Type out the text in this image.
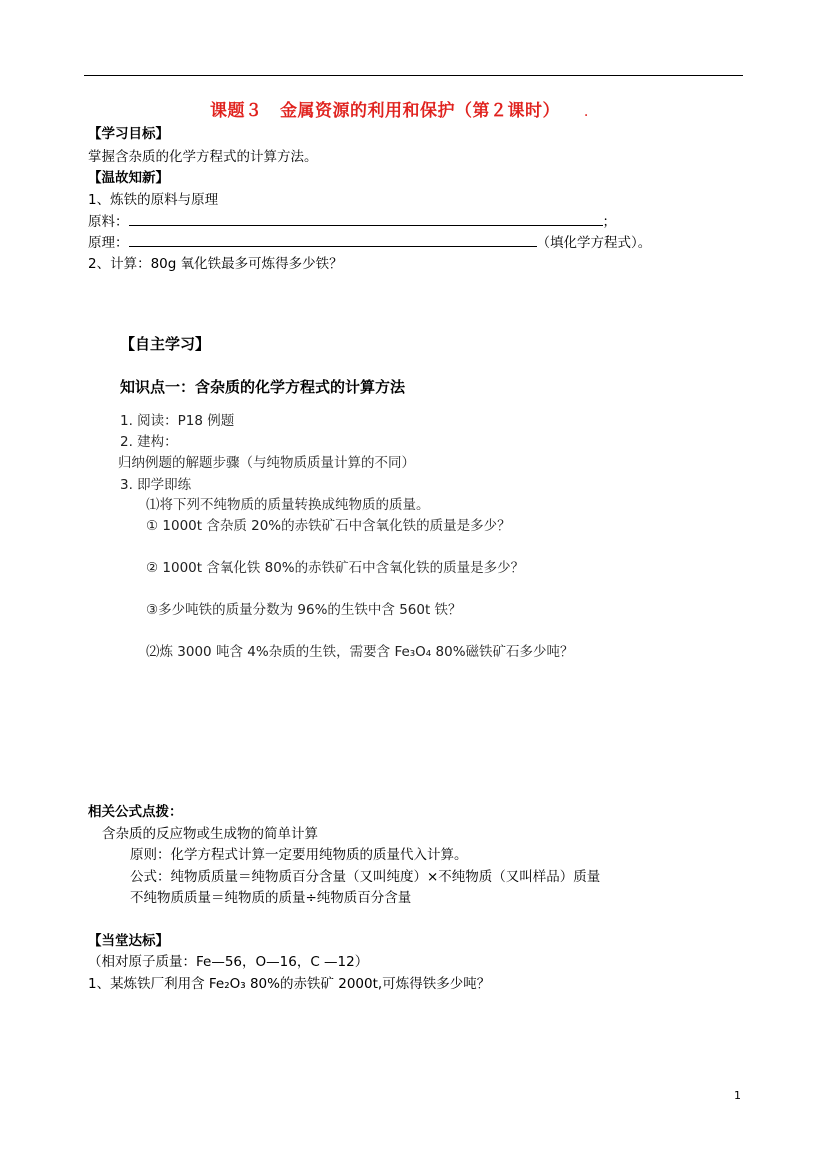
课题３　金属资源的利用和保护（第２课时） .
【学习目标】
掌握含杂质的化学方程式的计算方法。
【温故知新】
1、炼铁的原料与原理
原料：	；
原理：	（填化学方程式）。
2、计算：80g 氧化铁最多可炼得多少铁？
【自主学习】
知识点一：含杂质的化学方程式的计算方法
1. 阅读：P18 例题
2. 建构：
归纳例题的解题步骤（与纯物质质量计算的不同）
3. 即学即练
⑴将下列不纯物质的质量转换成纯物质的质量。
① 1000t 含杂质 20%的赤铁矿石中含氧化铁的质量是多少？
② 1000t 含氧化铁 80%的赤铁矿石中含氧化铁的质量是多少？
③多少吨铁的质量分数为 96%的生铁中含 560t 铁？
⑵炼 3000 吨含 4%杂质的生铁，需要含 Fe₃O₄ 80%磁铁矿石多少吨？
相关公式点拨：
含杂质的反应物或生成物的简单计算
原则：化学方程式计算一定要用纯物质的质量代入计算。
公式：纯物质质量＝纯物质百分含量（又叫纯度）×不纯物质（又叫样品）质量
不纯物质质量＝纯物质的质量÷纯物质百分含量
【当堂达标】
（相对原子质量：Fe—56，O—16，C —12）
1、某炼铁厂利用含 Fe₂O₃ 80%的赤铁矿 2000t,可炼得铁多少吨？
1
